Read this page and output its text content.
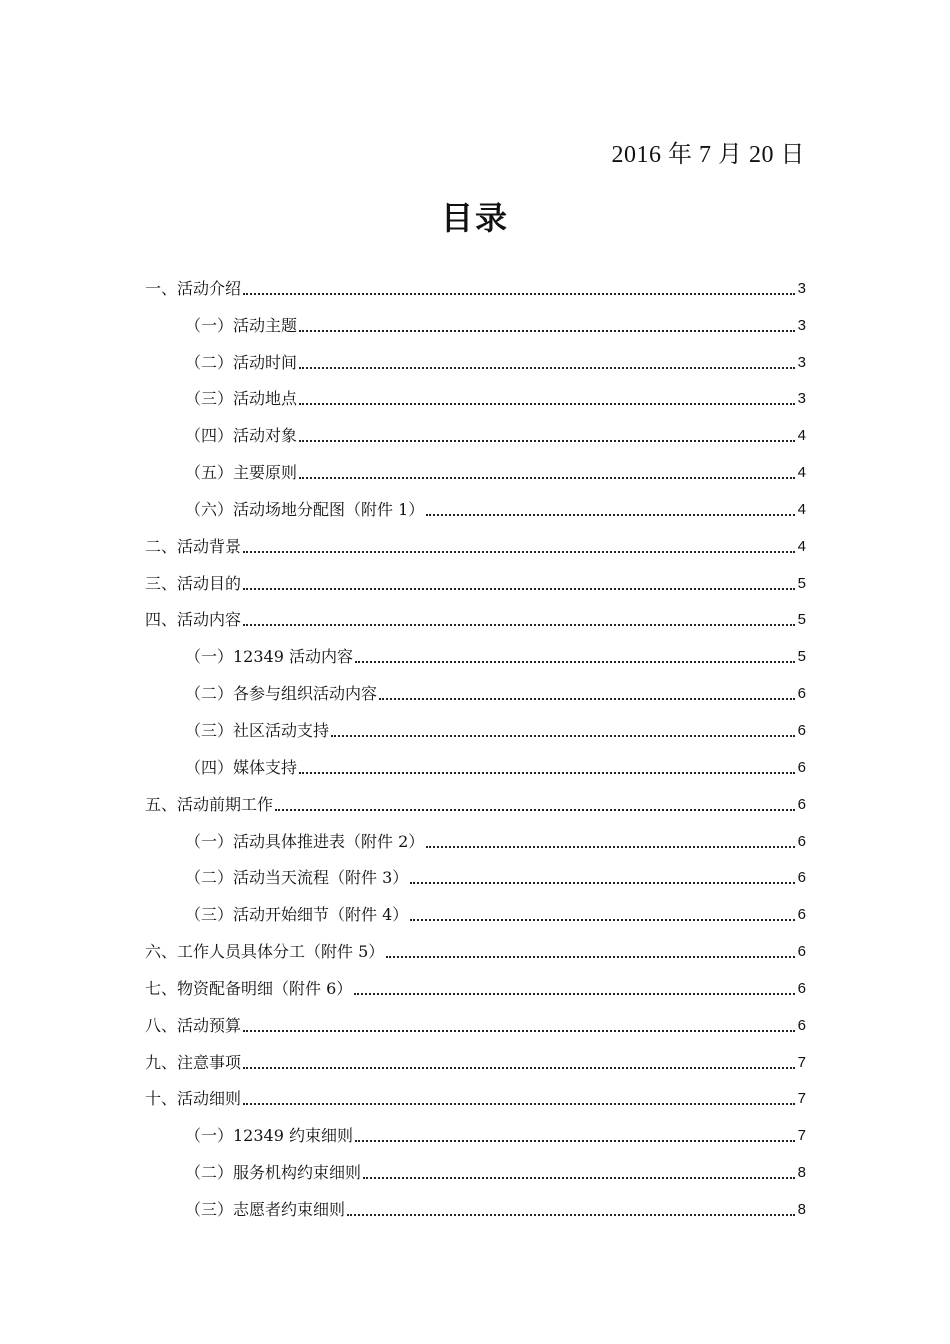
2016 年 7 月 20 日
目录
一、活动介绍	3
（一）活动主题	3
（二）活动时间	3
（三）活动地点	3
（四）活动对象	4
（五）主要原则	4
（六）活动场地分配图（附件 1）	4
二、活动背景	4
三、活动目的	5
四、活动内容	5
（一）12349 活动内容	5
（二）各参与组织活动内容	6
（三）社区活动支持	6
（四）媒体支持	6
五、活动前期工作	6
（一）活动具体推进表（附件 2）	6
（二）活动当天流程（附件 3）	6
（三）活动开始细节（附件 4）	6
六、工作人员具体分工（附件 5）	6
七、物资配备明细（附件 6）	6
八、活动预算	6
九、注意事项	7
十、活动细则	7
（一）12349 约束细则	7
（二）服务机构约束细则	8
（三）志愿者约束细则	8
